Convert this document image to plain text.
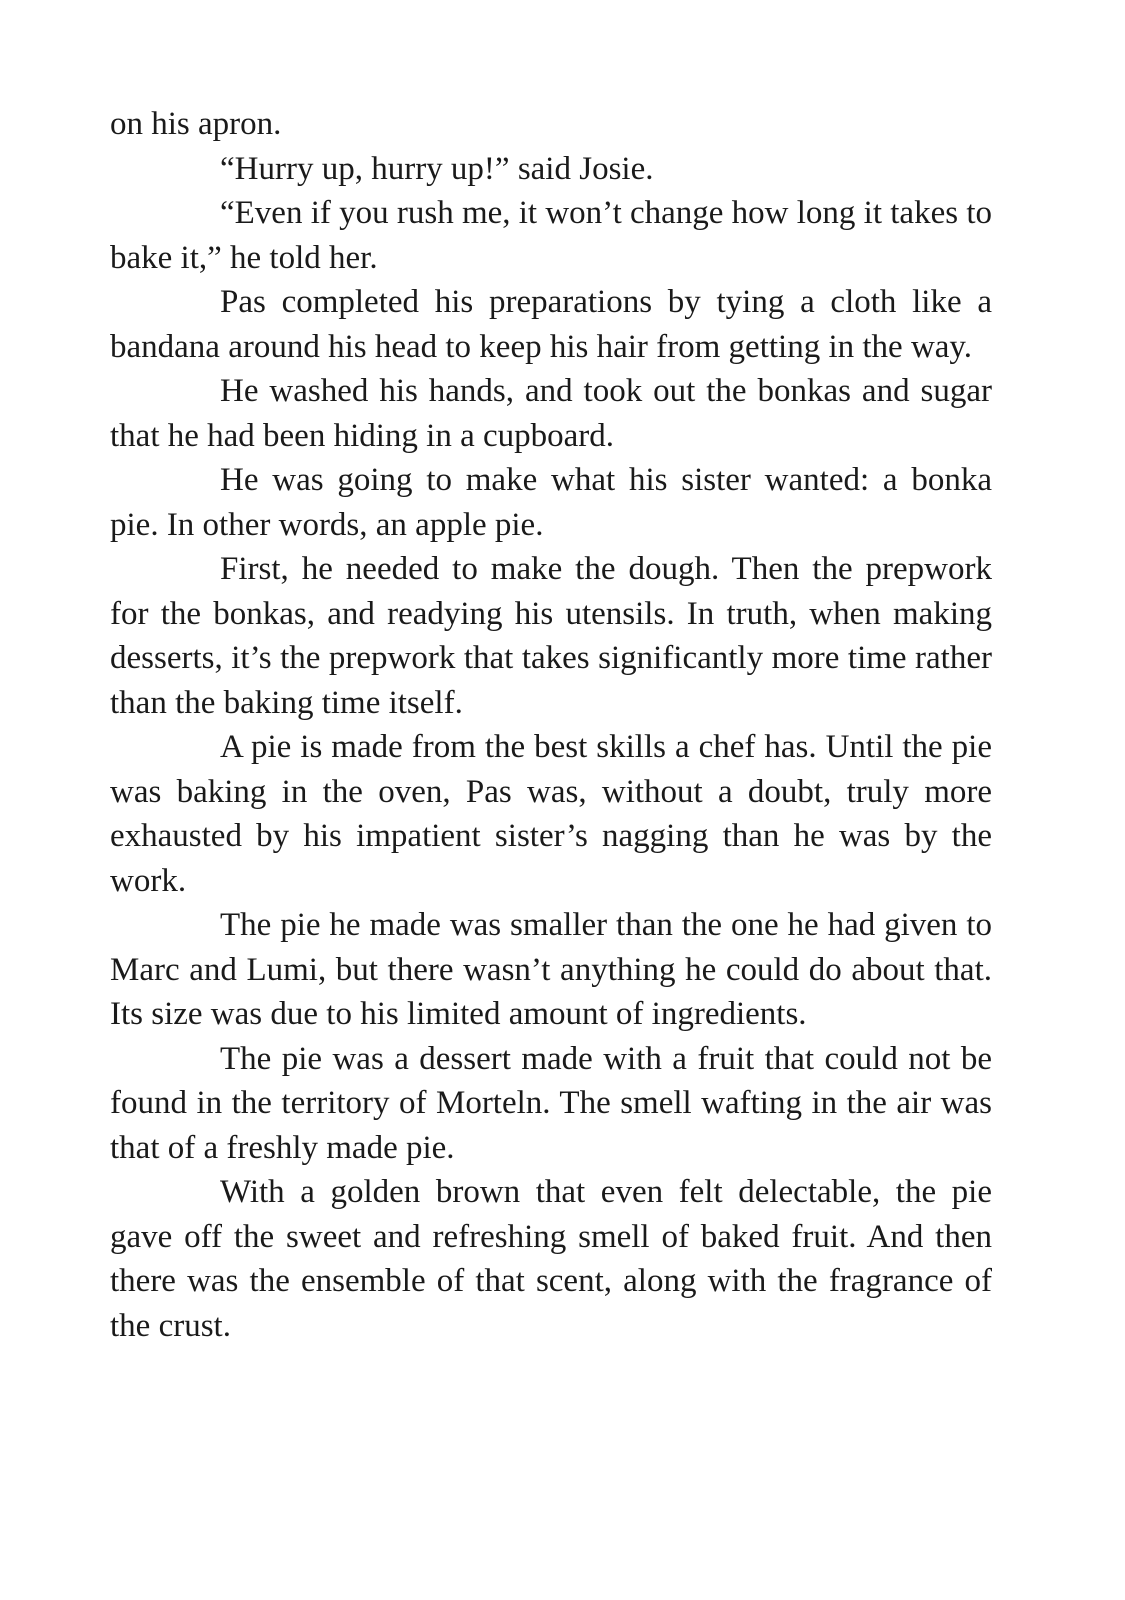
on his apron.

“Hurry up, hurry up!” said Josie.

“Even if you rush me, it won’t change how long it takes to bake it,” he told her.

Pas completed his preparations by tying a cloth like a bandana around his head to keep his hair from getting in the way.

He washed his hands, and took out the bonkas and sugar that he had been hiding in a cupboard.

He was going to make what his sister wanted: a bonka pie. In other words, an apple pie.

First, he needed to make the dough. Then the prepwork for the bonkas, and readying his utensils. In truth, when making desserts, it’s the prepwork that takes significantly more time rather than the baking time itself.

A pie is made from the best skills a chef has. Until the pie was baking in the oven, Pas was, without a doubt, truly more exhausted by his impatient sister’s nagging than he was by the work.

The pie he made was smaller than the one he had given to Marc and Lumi, but there wasn’t anything he could do about that. Its size was due to his limited amount of ingredients.

The pie was a dessert made with a fruit that could not be found in the territory of Morteln. The smell wafting in the air was that of a freshly made pie.

With a golden brown that even felt delectable, the pie gave off the sweet and refreshing smell of baked fruit. And then there was the ensemble of that scent, along with the fragrance of the crust.
